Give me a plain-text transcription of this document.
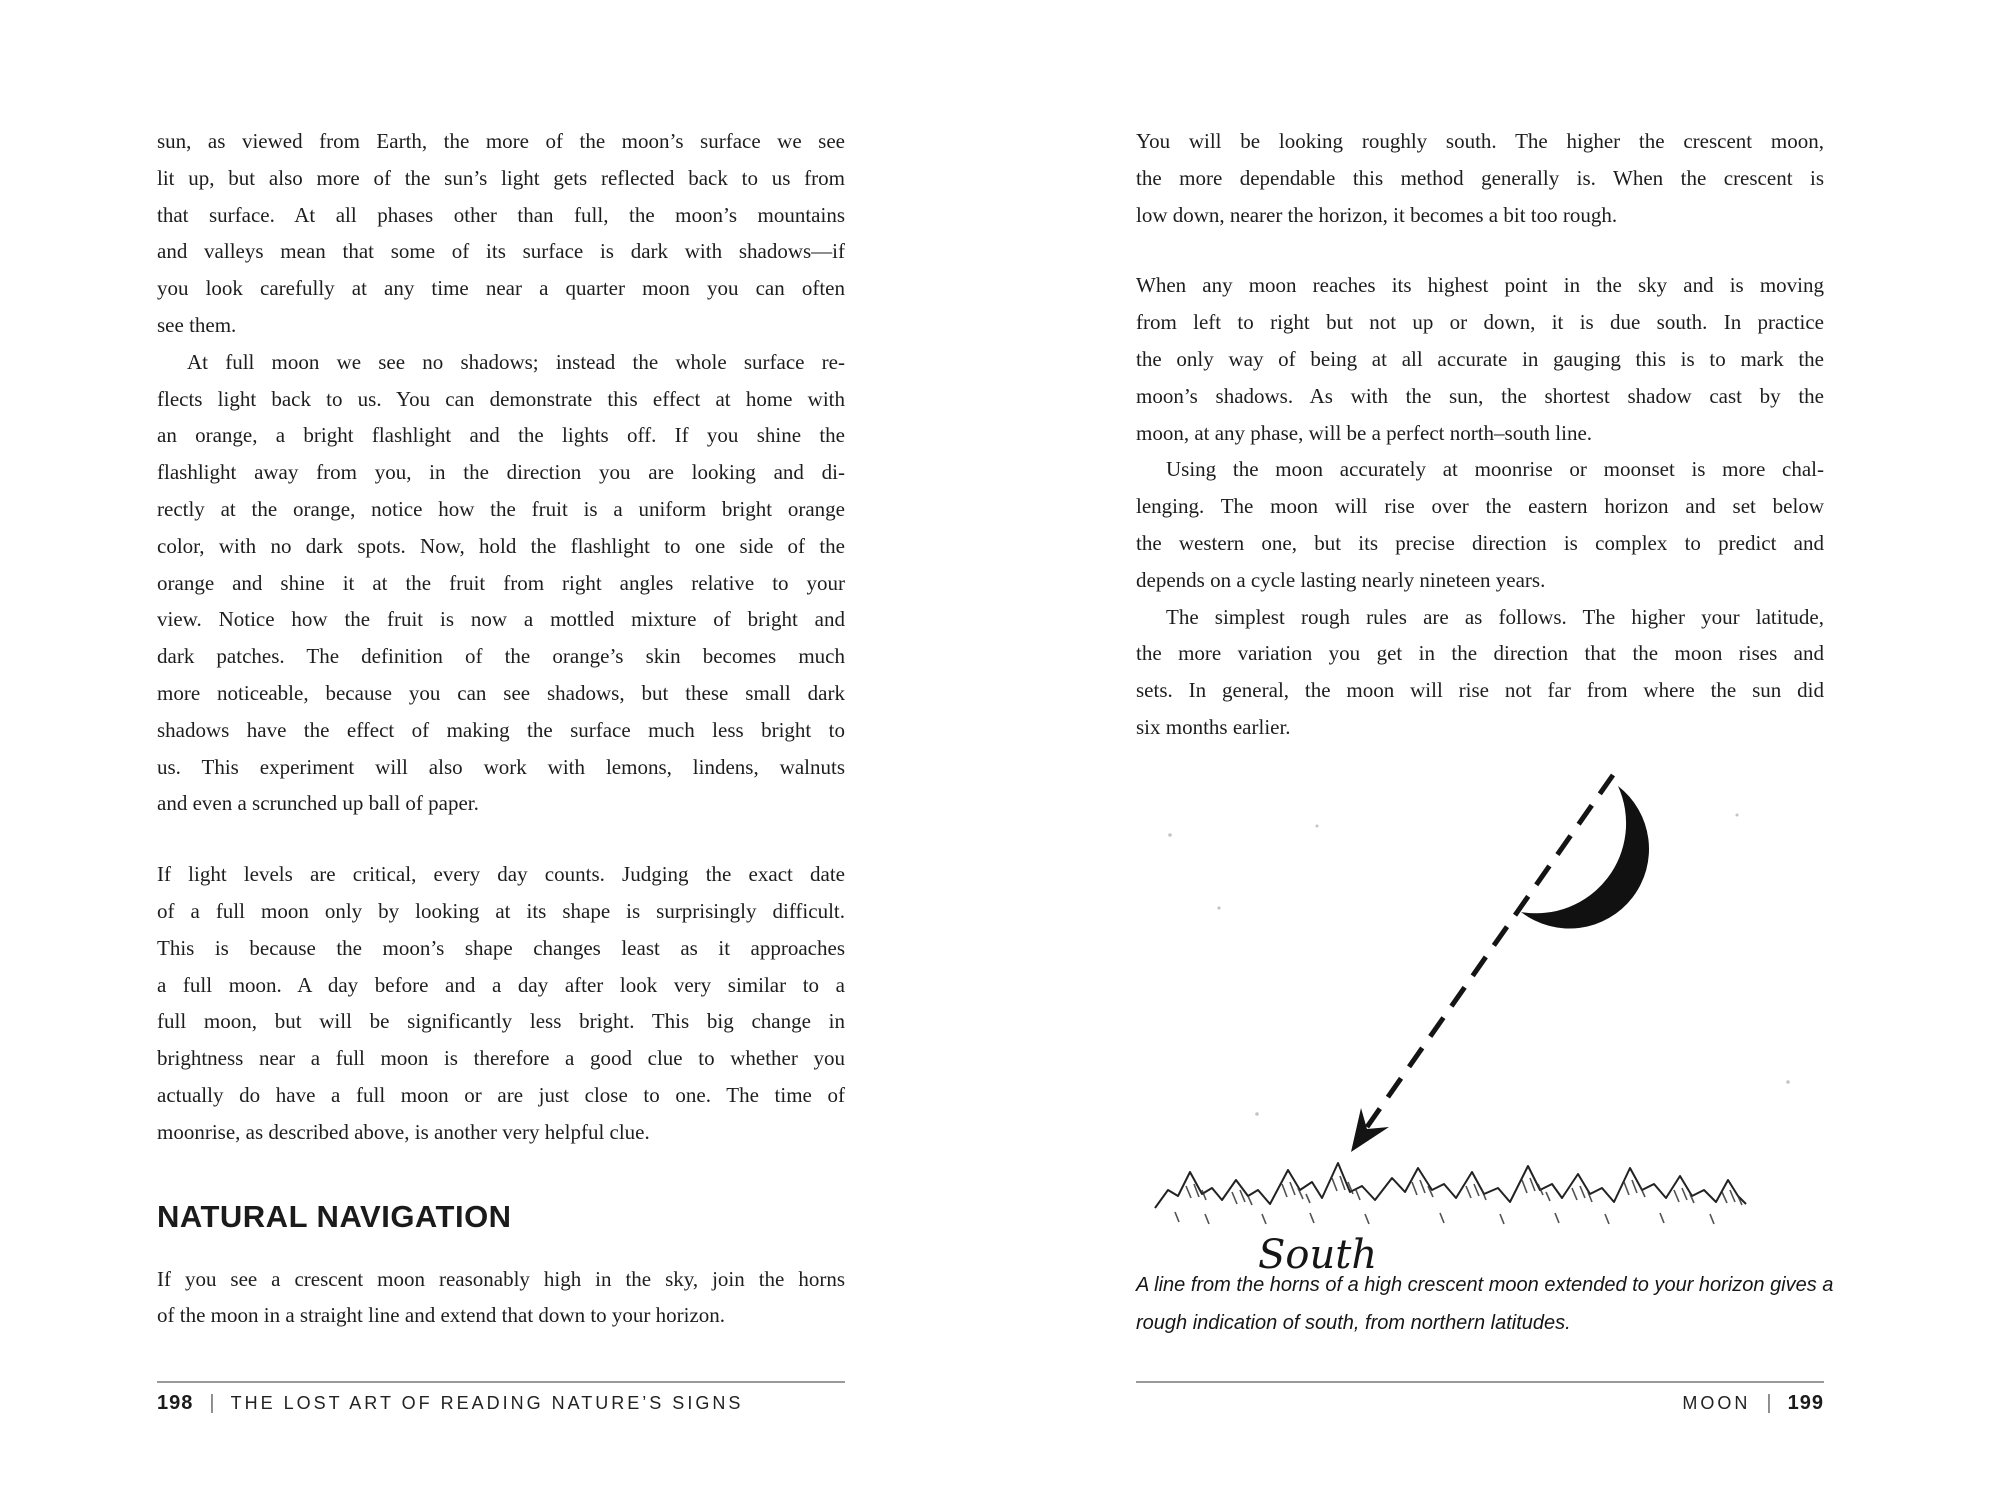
sun, as viewed from Earth, the more of the moon’s surface we see
lit up, but also more of the sun’s light gets reflected back to us from
that surface. At all phases other than full, the moon’s mountains
and valleys mean that some of its surface is dark with shadows—if
you look carefully at any time near a quarter moon you can often
see them.
At full moon we see no shadows; instead the whole surface re-
flects light back to us. You can demonstrate this effect at home with
an orange, a bright flashlight and the lights off. If you shine the
flashlight away from you, in the direction you are looking and di-
rectly at the orange, notice how the fruit is a uniform bright orange
color, with no dark spots. Now, hold the flashlight to one side of the
orange and shine it at the fruit from right angles relative to your
view. Notice how the fruit is now a mottled mixture of bright and
dark patches. The definition of the orange’s skin becomes much
more noticeable, because you can see shadows, but these small dark
shadows have the effect of making the surface much less bright to
us. This experiment will also work with lemons, lindens, walnuts
and even a scrunched up ball of paper.
If light levels are critical, every day counts. Judging the exact date
of a full moon only by looking at its shape is surprisingly difficult.
This is because the moon’s shape changes least as it approaches
a full moon. A day before and a day after look very similar to a
full moon, but will be significantly less bright. This big change in
brightness near a full moon is therefore a good clue to whether you
actually do have a full moon or are just close to one. The time of
moonrise, as described above, is another very helpful clue.
NATURAL NAVIGATION
If you see a crescent moon reasonably high in the sky, join the horns
of the moon in a straight line and extend that down to your horizon.
You will be looking roughly south. The higher the crescent moon,
the more dependable this method generally is. When the crescent is
low down, nearer the horizon, it becomes a bit too rough.
When any moon reaches its highest point in the sky and is moving
from left to right but not up or down, it is due south. In practice
the only way of being at all accurate in gauging this is to mark the
moon’s shadows. As with the sun, the shortest shadow cast by the
moon, at any phase, will be a perfect north–south line.
Using the moon accurately at moonrise or moonset is more chal-
lenging. The moon will rise over the eastern horizon and set below
the western one, but its precise direction is complex to predict and
depends on a cycle lasting nearly nineteen years.
The simplest rough rules are as follows. The higher your latitude,
the more variation you get in the direction that the moon rises and
sets. In general, the moon will rise not far from where the sun did
six months earlier.
South
A line from the horns of a high crescent moon extended to your horizon gives a
rough indication of south, from northern latitudes.
198 | THE LOST ART OF READING NATURE’S SIGNS	MOON | 199
